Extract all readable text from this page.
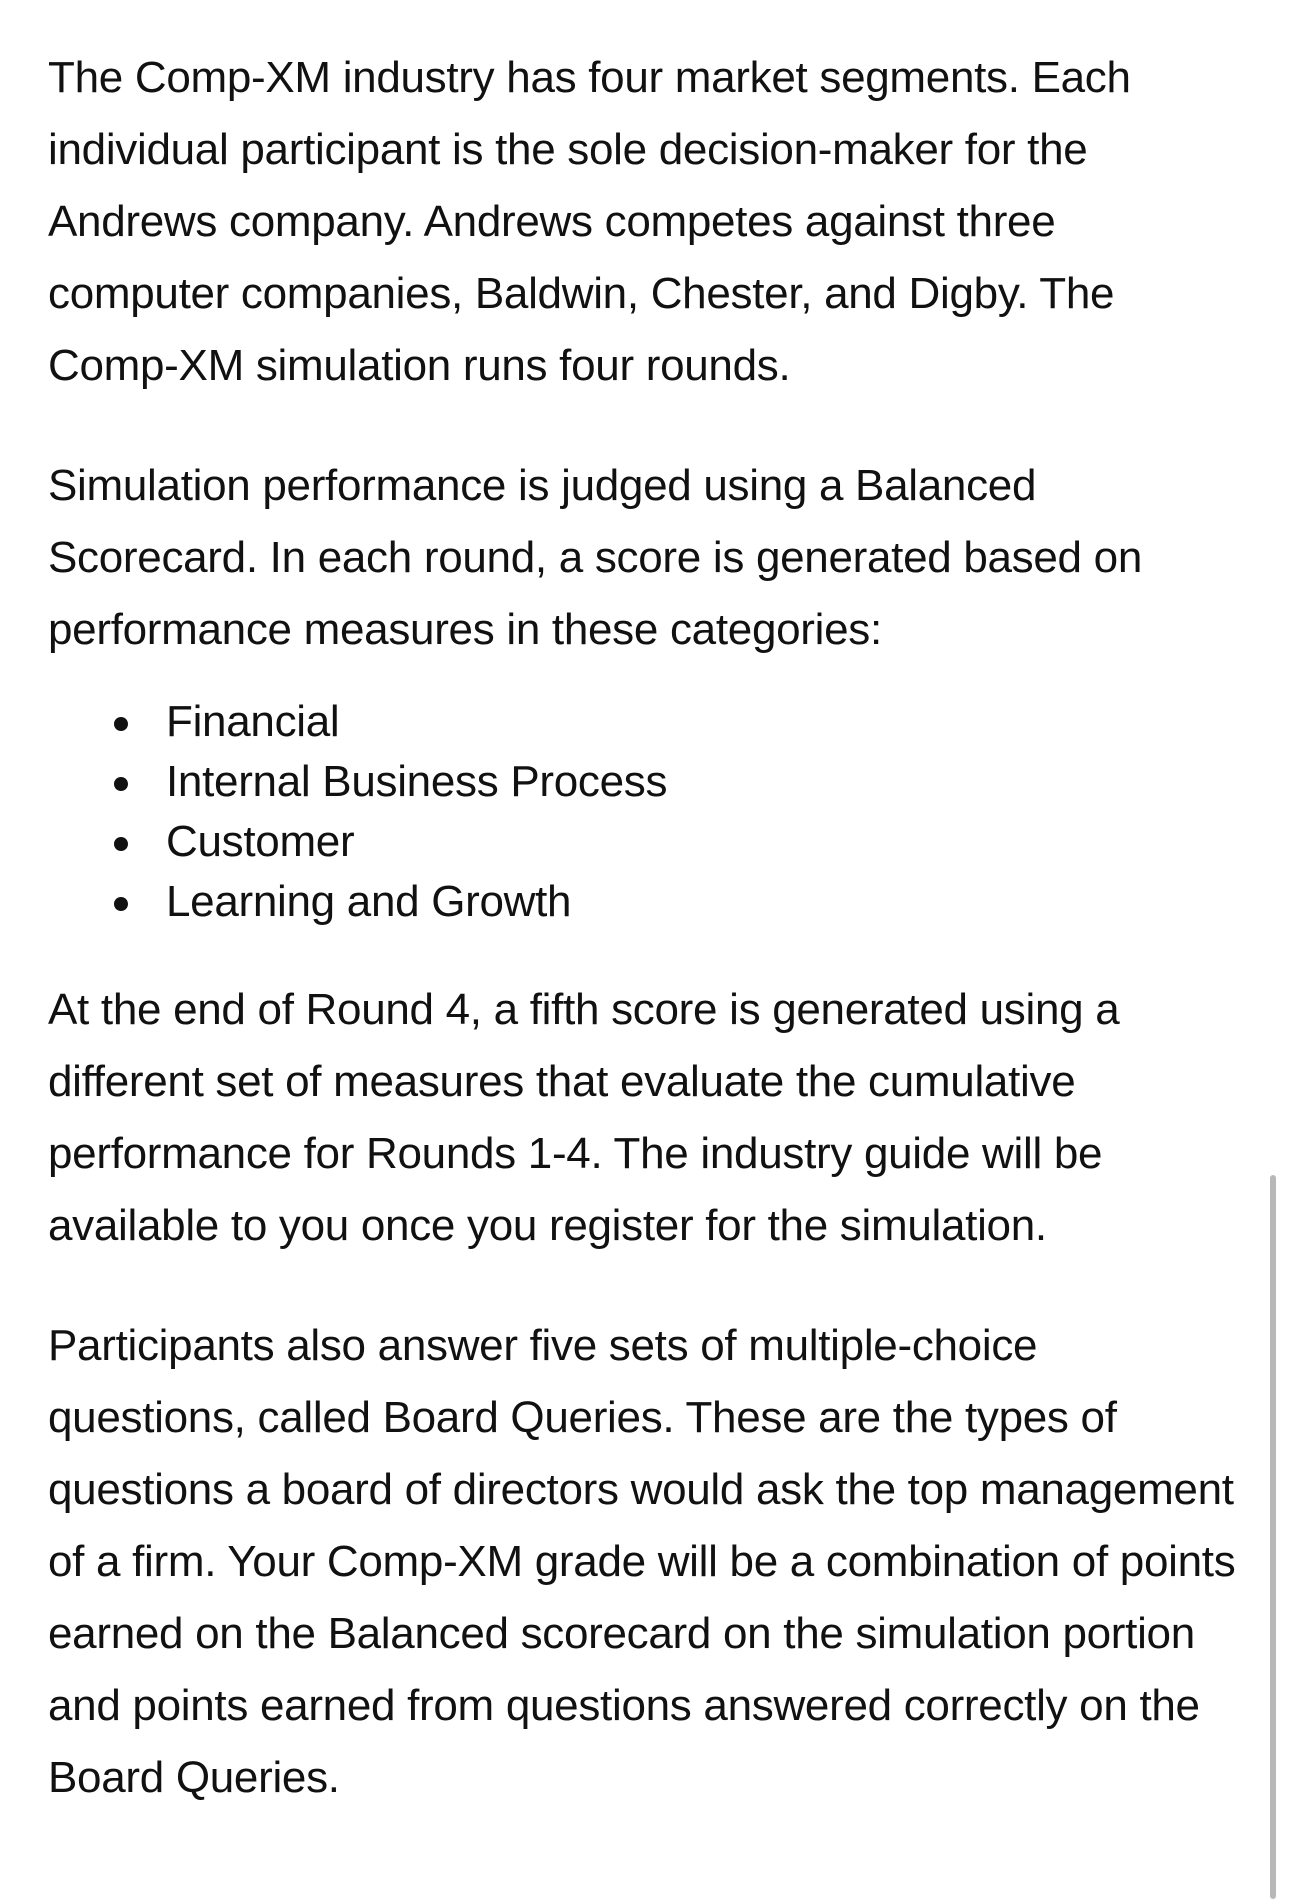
The Comp-XM industry has four market segments. Each individual participant is the sole decision-maker for the Andrews company. Andrews competes against three computer companies, Baldwin, Chester, and Digby. The Comp-XM simulation runs four rounds.

Simulation performance is judged using a Balanced Scorecard. In each round, a score is generated based on performance measures in these categories:

Financial
Internal Business Process
Customer
Learning and Growth

At the end of Round 4, a fifth score is generated using a different set of measures that evaluate the cumulative performance for Rounds 1-4. The industry guide will be available to you once you register for the simulation.

Participants also answer five sets of multiple-choice questions, called Board Queries. These are the types of questions a board of directors would ask the top management of a firm. Your Comp-XM grade will be a combination of points earned on the Balanced scorecard on the simulation portion and points earned from questions answered correctly on the Board Queries.
